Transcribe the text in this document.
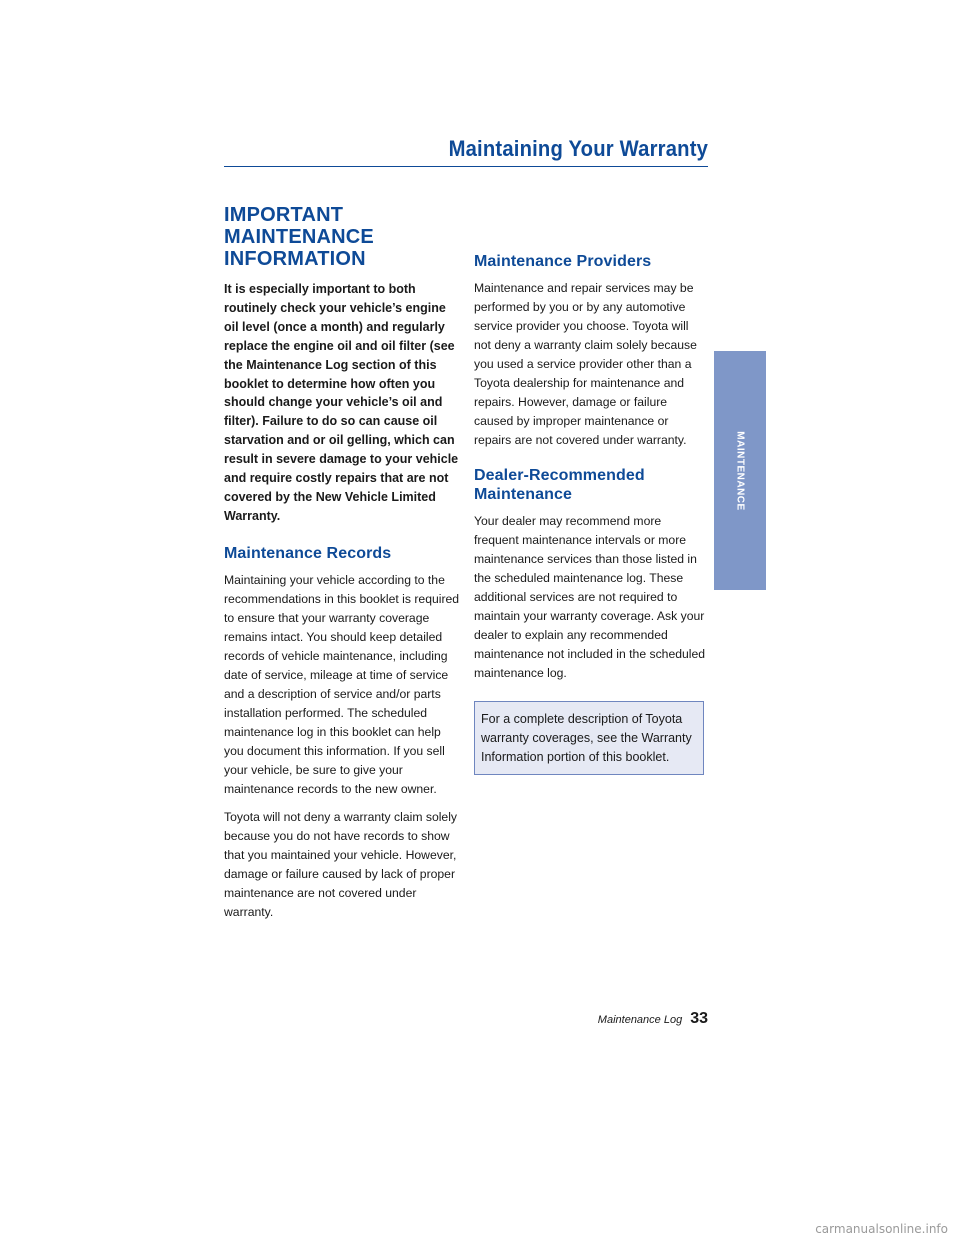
Maintaining Your Warranty
IMPORTANT MAINTENANCE INFORMATION

It is especially important to both routinely check your vehicle’s engine oil level (once a month) and regularly replace the engine oil and oil filter (see the Maintenance Log section of this booklet to determine how often you should change your vehicle’s oil and filter). Failure to do so can cause oil starvation and or oil gelling, which can result in severe damage to your vehicle and require costly repairs that are not covered by the New Vehicle Limited Warranty.

Maintenance Records

Maintaining your vehicle according to the recommendations in this booklet is required to ensure that your warranty coverage remains intact. You should keep detailed records of vehicle maintenance, including date of service, mileage at time of service and a description of service and/or parts installation performed. The scheduled maintenance log in this booklet can help you document this information. If you sell your vehicle, be sure to give your maintenance records to the new owner.

Toyota will not deny a warranty claim solely because you do not have records to show that you maintained your vehicle. However, damage or failure caused by lack of proper maintenance are not covered under warranty.

Maintenance Providers

Maintenance and repair services may be performed by you or by any automotive service provider you choose. Toyota will not deny a warranty claim solely because you used a service provider other than a Toyota dealership for maintenance and repairs. However, damage or failure caused by improper maintenance or repairs are not covered under warranty.

Dealer-Recommended Maintenance

Your dealer may recommend more frequent maintenance intervals or more maintenance services than those listed in the scheduled maintenance log. These additional services are not required to maintain your warranty coverage. Ask your dealer to explain any recommended maintenance not included in the scheduled maintenance log.

For a complete description of Toyota warranty coverages, see the Warranty Information portion of this booklet.

MAINTENANCE
Maintenance Log 33
carmanualsonline.info
